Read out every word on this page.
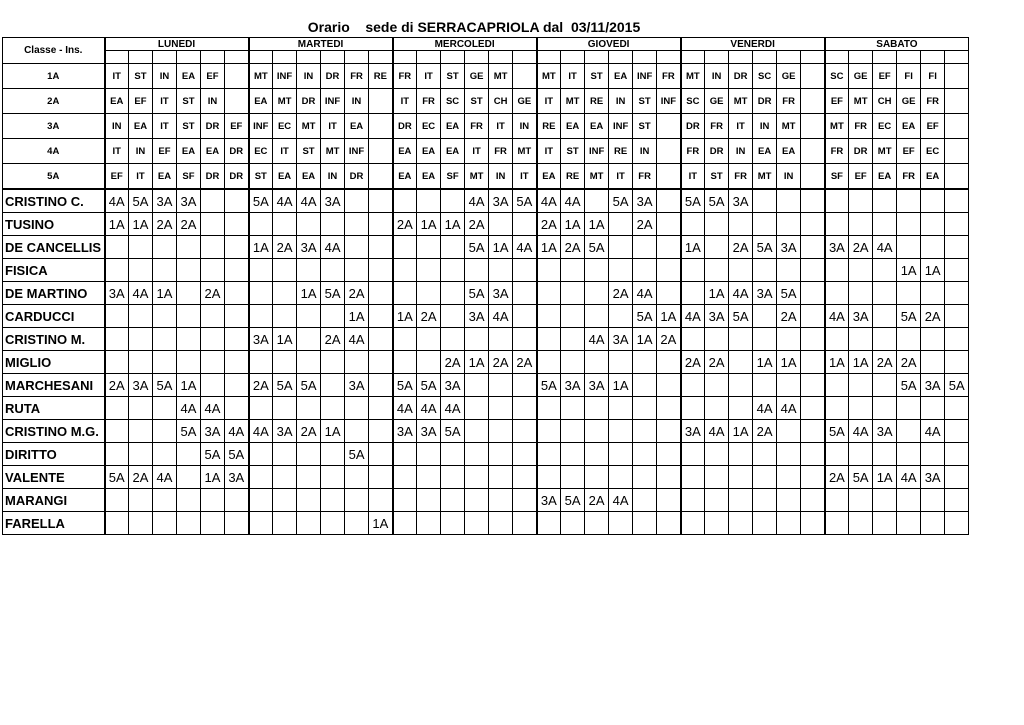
Orario    sede di SERRACAPRIOLA dal  03/11/2015
Classe - Ins.	LUNEDI						MARTEDI						MERCOLEDI						GIOVEDI						VENERDI						SABATO					

1A	IT	ST	IN	EA	EF		MT	INF	IN	DR	FR	RE	FR	IT	ST	GE	MT		MT	IT	ST	EA	INF	FR	MT	IN	DR	SC	GE		SC	GE	EF	FI	FI	
2A	EA	EF	IT	ST	IN		EA	MT	DR	INF	IN		IT	FR	SC	ST	CH	GE	IT	MT	RE	IN	ST	INF	SC	GE	MT	DR	FR		EF	MT	CH	GE	FR	
3A	IN	EA	IT	ST	DR	EF	INF	EC	MT	IT	EA		DR	EC	EA	FR	IT	IN	RE	EA	EA	INF	ST		DR	FR	IT	IN	MT		MT	FR	EC	EA	EF	
4A	IT	IN	EF	EA	EA	DR	EC	IT	ST	MT	INF		EA	EA	EA	IT	FR	MT	IT	ST	INF	RE	IN		FR	DR	IN	EA	EA		FR	DR	MT	EF	EC	
5A	EF	IT	EA	SF	DR	DR	ST	EA	EA	IN	DR		EA	EA	SF	MT	IN	IT	EA	RE	MT	IT	FR		IT	ST	FR	MT	IN		SF	EF	EA	FR	EA	
CRISTINO C.	4A	5A	3A	3A			5A	4A	4A	3A						4A	3A	5A	4A	4A		5A	3A		5A	5A	3A									
TUSINO	1A	1A	2A	2A									2A	1A	1A	2A			2A	1A	1A		2A													
DE CANCELLIS							1A	2A	3A	4A						5A	1A	4A	1A	2A	5A				1A		2A	5A	3A		3A	2A	4A			
FISICA																																		1A	1A	
DE MARTINO	3A	4A	1A		2A				1A	5A	2A					5A	3A					2A	4A			1A	4A	3A	5A							
CARDUCCI											1A		1A	2A		3A	4A						5A	1A	4A	3A	5A		2A		4A	3A		5A	2A	
CRISTINO M.							3A	1A		2A	4A										4A	3A	1A	2A												
MIGLIO															2A	1A	2A	2A							2A	2A		1A	1A		1A	1A	2A	2A		
MARCHESANI	2A	3A	5A	1A			2A	5A	5A		3A		5A	5A	3A				5A	3A	3A	1A												5A	3A	5A
RUTA				4A	4A								4A	4A	4A													4A	4A							
CRISTINO M.G.				5A	3A	4A	4A	3A	2A	1A			3A	3A	5A										3A	4A	1A	2A			5A	4A	3A		4A	
DIRITTO					5A	5A					5A																									
VALENTE	5A	2A	4A		1A	3A																									2A	5A	1A	4A	3A	
MARANGI																			3A	5A	2A	4A														
FARELLA												1A																								
